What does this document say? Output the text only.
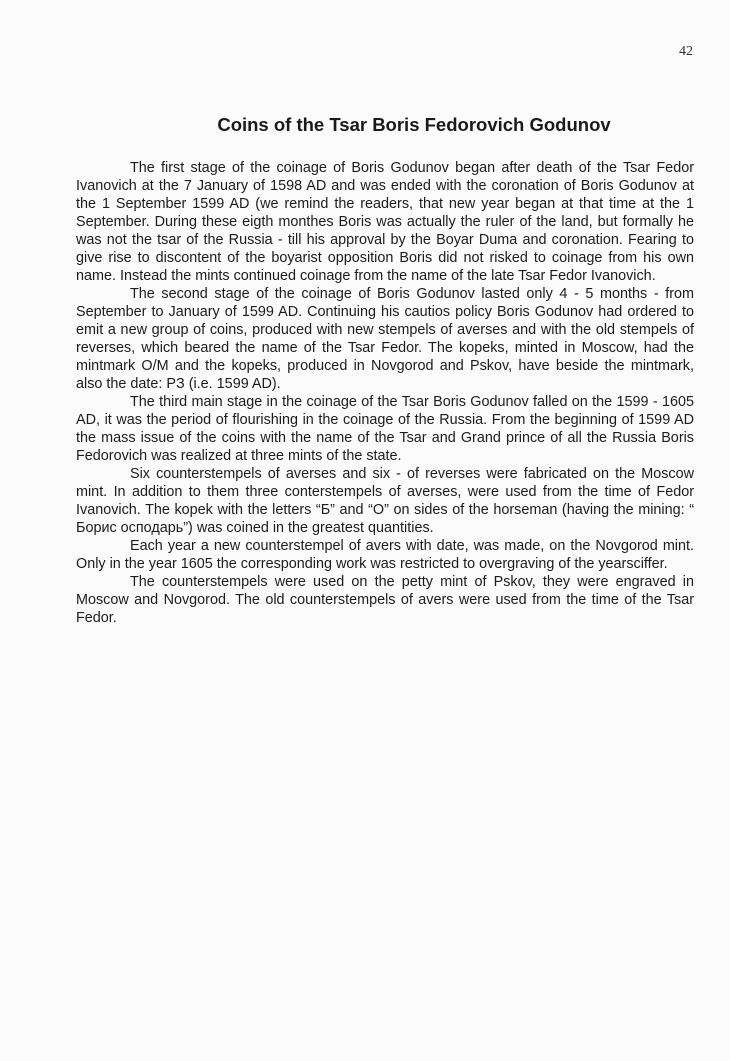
42
Coins of the Tsar Boris Fedorovich Godunov

The first stage of the coinage of Boris Godunov began after death of the Tsar Fedor Ivanovich at the 7 January of 1598 AD and was ended with the coronation of Boris Godunov at the 1 September 1599 AD (we remind the readers, that new year began at that time at the 1 September. During these eigth monthes Boris was actually the ruler of the land, but formally he was not the tsar of the Russia - till his approval by the Boyar Duma and coronation. Fearing to give rise to discontent of the boyarist opposition Boris did not risked to coinage from his own name. Instead the mints continued coinage from the name of the late Tsar Fedor Ivanovich.

The second stage of the coinage of Boris Godunov lasted only 4 - 5 months - from September to January of 1599 AD. Continuing his cautios policy Boris Godunov had ordered to emit a new group of coins, produced with new stempels of averses and with the old stempels of reverses, which beared the name of the Tsar Fedor. The kopeks, minted in Moscow, had the mintmark O/M and the kopeks, produced in Novgorod and Pskov, have beside the mintmark, also the date: PЗ (i.e. 1599 AD).

The third main stage in the coinage of the Tsar Boris Godunov falled on the 1599 - 1605 AD, it was the period of flourishing in the coinage of the Russia. From the beginning of 1599 AD the mass issue of the coins with the name of the Tsar and Grand prince of all the Russia Boris Fedorovich was realized at three mints of the state.

Six counterstempels of averses and six - of reverses were fabricated on the Moscow mint. In addition to them three conterstempels of averses, were used from the time of Fedor Ivanovich. The kopek with the letters “Б” and “О” on sides of the horseman (having the mining: “ Борис осподарь”) was coined in the greatest quantities.

Each year a new counterstempel of avers with date, was made, on the Novgorod mint. Only in the year 1605 the corresponding work was restricted to overgraving of the yearsciffer.

The counterstempels were used on the petty mint of Pskov, they were engraved in Moscow and Novgorod. The old counterstempels of avers were used from the time of the Tsar Fedor.
